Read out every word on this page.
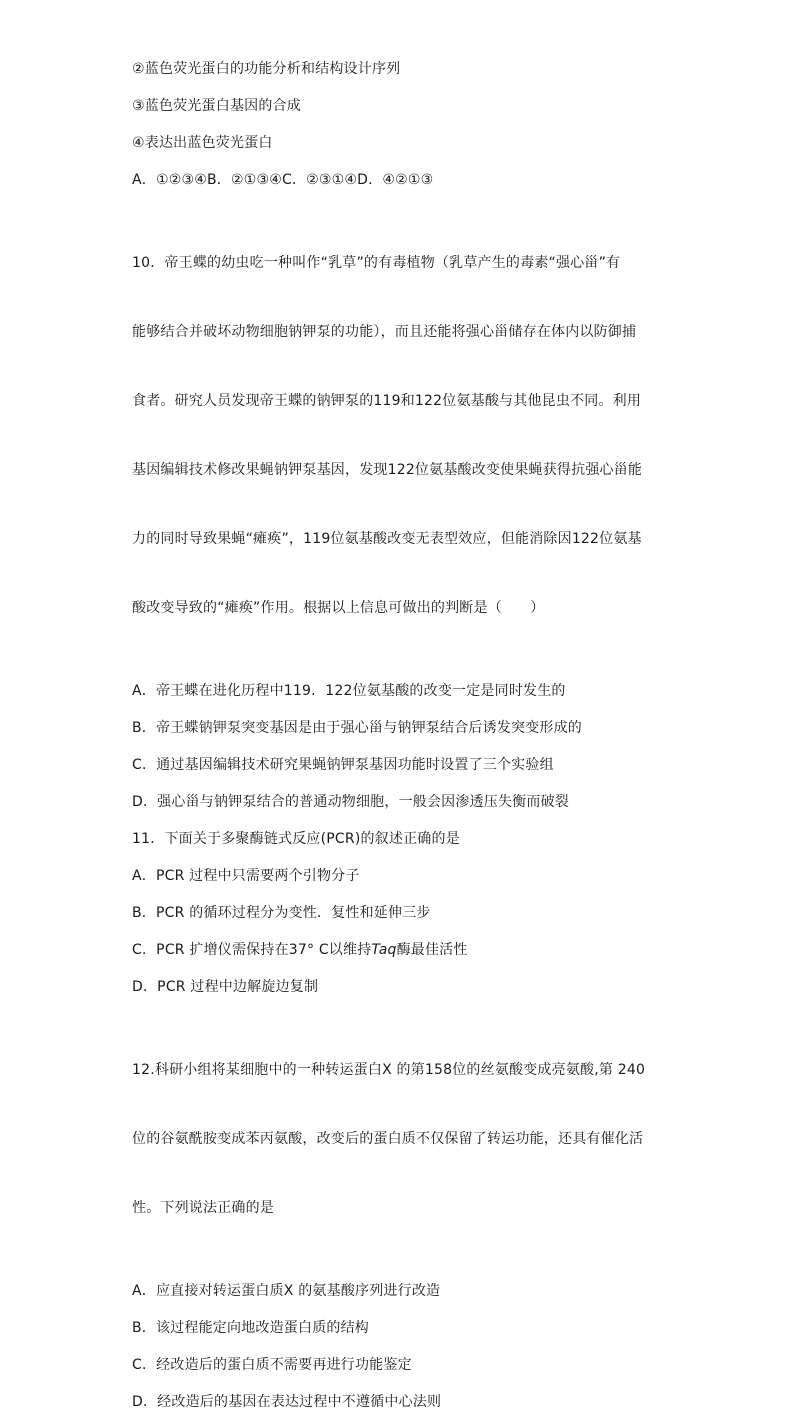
②蓝色荧光蛋白的功能分析和结构设计序列

③蓝色荧光蛋白基因的合成

④表达出蓝色荧光蛋白

A．①②③④B．②①③④C．②③①④D．④②①③

10．帝王蝶的幼虫吃一种叫作“乳草”的有毒植物（乳草产生的毒素“强心甾”有

能够结合并破坏动物细胞钠钾泵的功能），而且还能将强心甾储存在体内以防御捕

食者。研究人员发现帝王蝶的钠钾泵的119和122位氨基酸与其他昆虫不同。利用

基因编辑技术修改果蝇钠钾泵基因，发现122位氨基酸改变使果蝇获得抗强心甾能

力的同时导致果蝇“瘫痪”，119位氨基酸改变无表型效应，但能消除因122位氨基

酸改变导致的“瘫痪”作用。根据以上信息可做出的判断是（　　）

A．帝王蝶在进化历程中119．122位氨基酸的改变一定是同时发生的

B．帝王蝶钠钾泵突变基因是由于强心甾与钠钾泵结合后诱发突变形成的

C．通过基因编辑技术研究果蝇钠钾泵基因功能时设置了三个实验组

D．强心甾与钠钾泵结合的普通动物细胞，一般会因渗透压失衡而破裂

11．下面关于多聚酶链式反应(PCR)的叙述正确的是

A．PCR 过程中只需要两个引物分子

B．PCR 的循环过程分为变性．复性和延伸三步

C．PCR 扩增仪需保持在37° C以维持Taq酶最佳活性

D．PCR 过程中边解旋边复制

12.科研小组将某细胞中的一种转运蛋白X 的第158位的丝氨酸变成亮氨酸,第 240

位的谷氨酰胺变成苯丙氨酸，改变后的蛋白质不仅保留了转运功能，还具有催化活

性。下列说法正确的是

A．应直接对转运蛋白质X 的氨基酸序列进行改造

B．该过程能定向地改造蛋白质的结构

C．经改造后的蛋白质不需要再进行功能鉴定

D．经改造后的基因在表达过程中不遵循中心法则
